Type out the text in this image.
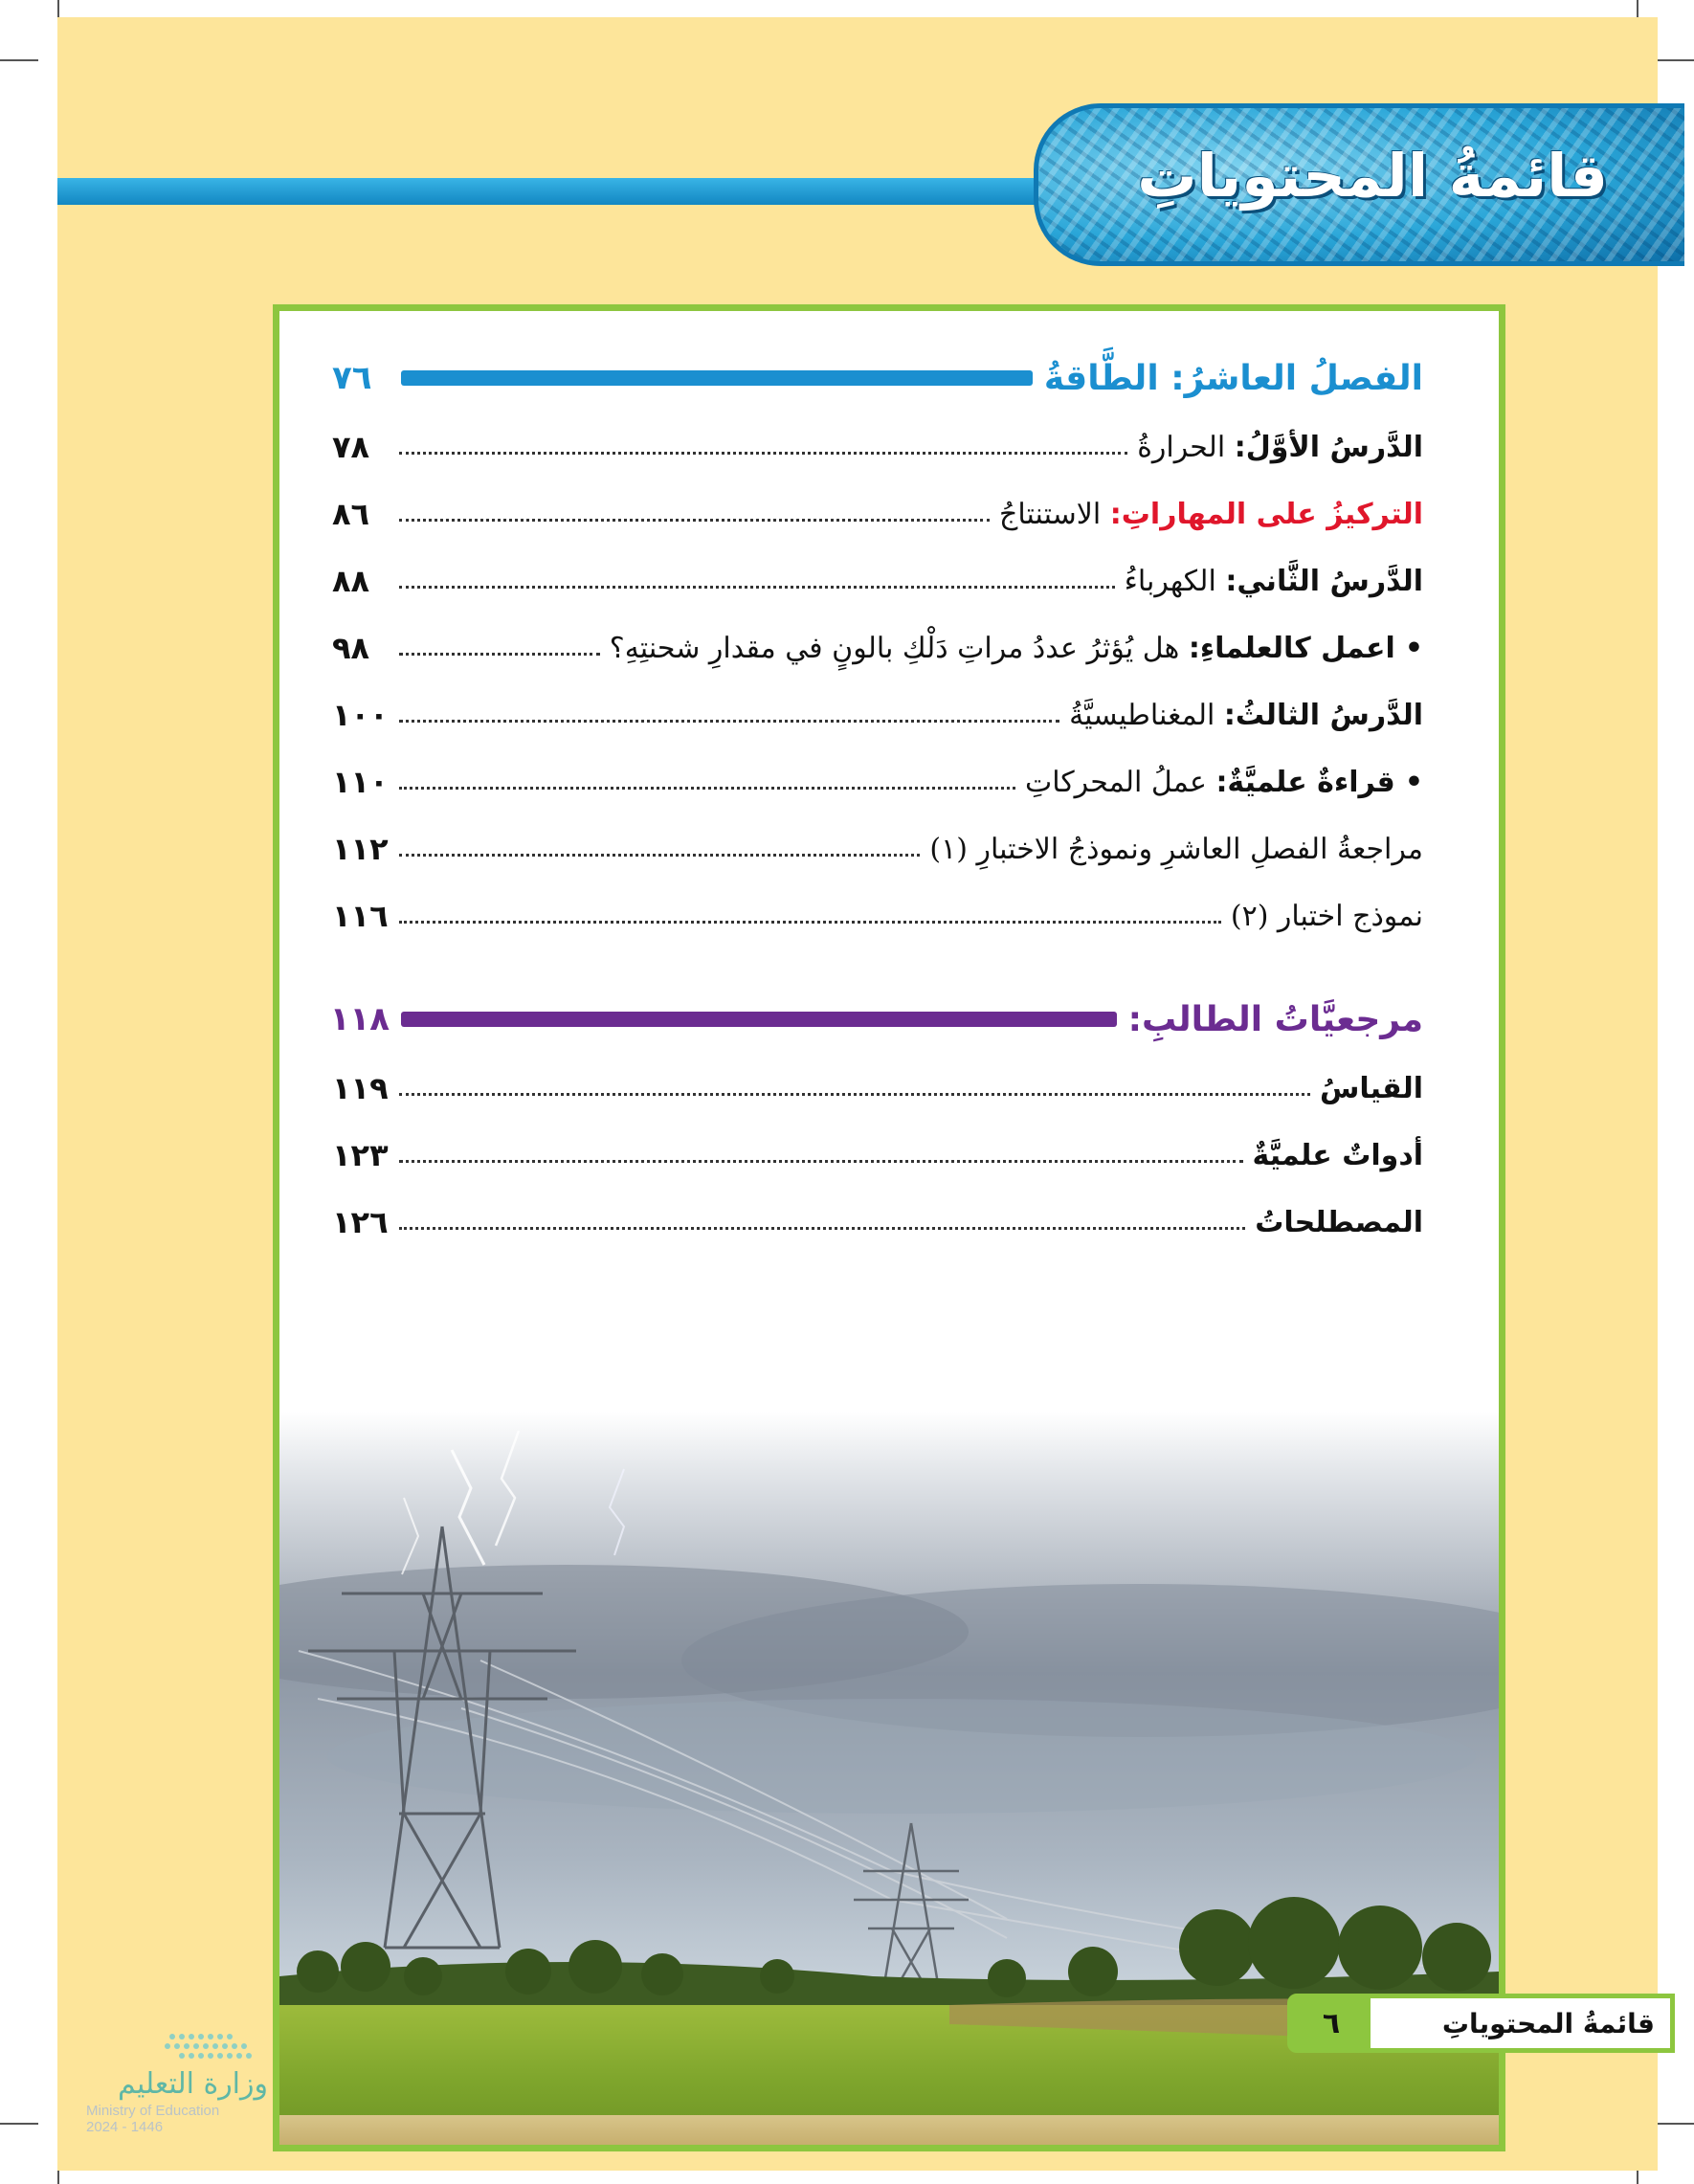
قائمةُ المحتوياتِ
الفصلُ العاشرُ: الطَّاقةُ
٧٦
الدَّرسُ الأوَّلُ: الحرارةُ
٧٨
التركيزُ على المهاراتِ: الاستنتاجُ
٨٦
الدَّرسُ الثَّاني: الكهرباءُ
٨٨
•
اعمل كالعلماءِ: هل يُؤثرُ عددُ مراتِ دَلْكِ بالونٍ في مقدارِ شحنتِهِ؟
٩٨
الدَّرسُ الثالثُ: المغناطيسيَّةُ
١٠٠
•
قراءةٌ علميَّةٌ: عملُ المحركاتِ
١١٠
مراجعةُ الفصلِ العاشرِ ونموذجُ الاختبارِ (١)
١١٢
نموذج اختبار (٢)
١١٦
مرجعيَّاتُ الطالبِ:
١١٨
القياسُ
١١٩
أدواتٌ علميَّةٌ
١٢٣
المصطلحاتُ
١٢٦
قائمةُ المحتوياتِ
٦
وزارة التعليم
Ministry of Education
2024 - 1446
